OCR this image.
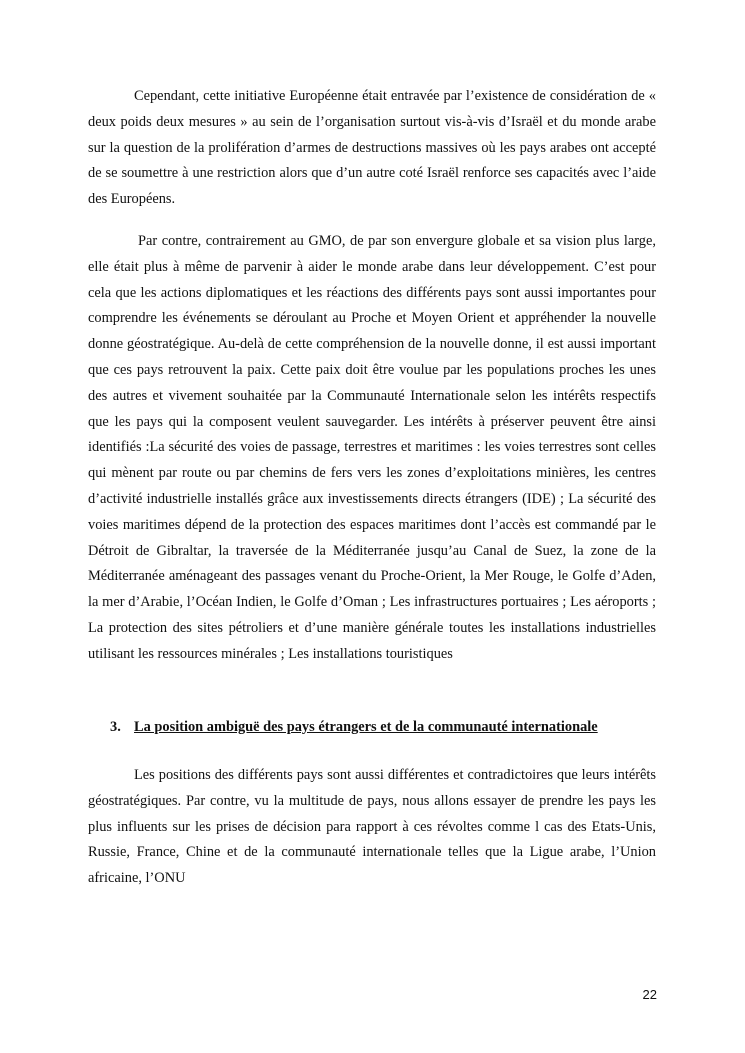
Cependant, cette initiative Européenne était entravée par l’existence de considération de « deux poids deux mesures » au sein de l’organisation surtout vis-à-vis d’Israël et du monde arabe sur la question de la prolifération d’armes de destructions massives où les pays arabes ont accepté de se soumettre à une restriction alors que d’un autre coté Israël renforce ses capacités avec l’aide des Européens.

Par contre, contrairement au GMO, de par son envergure globale et sa vision plus large, elle était plus à même de parvenir à aider le monde arabe dans leur développement. C’est pour cela que les actions diplomatiques et les réactions des différents pays sont aussi importantes pour comprendre les événements se déroulant au Proche et Moyen Orient et appréhender la nouvelle donne géostratégique. Au-delà de cette compréhension de la nouvelle donne, il est aussi important que ces pays retrouvent la paix. Cette paix doit être voulue par les populations proches les unes des autres et vivement souhaitée par la Communauté Internationale selon les intérêts respectifs que les pays qui la composent veulent sauvegarder. Les intérêts à préserver peuvent être ainsi identifiés :La sécurité des voies de passage, terrestres et maritimes : les voies terrestres sont celles qui mènent par route ou par chemins de fers vers les zones d’exploitations minières, les centres d’activité industrielle installés grâce aux investissements directs étrangers (IDE) ; La sécurité des voies maritimes dépend de la protection des espaces maritimes dont l’accès est commandé par le Détroit de Gibraltar, la traversée de la Méditerranée jusqu’au Canal de Suez, la zone de la Méditerranée aménageant des passages venant du Proche-Orient, la Mer Rouge, le Golfe d’Aden, la mer d’Arabie, l’Océan Indien, le Golfe d’Oman ; Les infrastructures portuaires ; Les aéroports ; La protection des sites pétroliers et d’une manière générale toutes les installations industrielles utilisant les ressources minérales ; Les installations touristiques

3. La position ambiguë des pays étrangers et de la communauté internationale

Les positions des différents pays sont aussi différentes et contradictoires que leurs intérêts géostratégiques. Par contre, vu la multitude de pays, nous allons essayer de prendre les pays les plus influents sur les prises de décision para rapport à ces révoltes comme l cas des Etats-Unis, Russie, France, Chine et de la communauté internationale telles que la Ligue arabe, l’Union africaine, l’ONU

22
